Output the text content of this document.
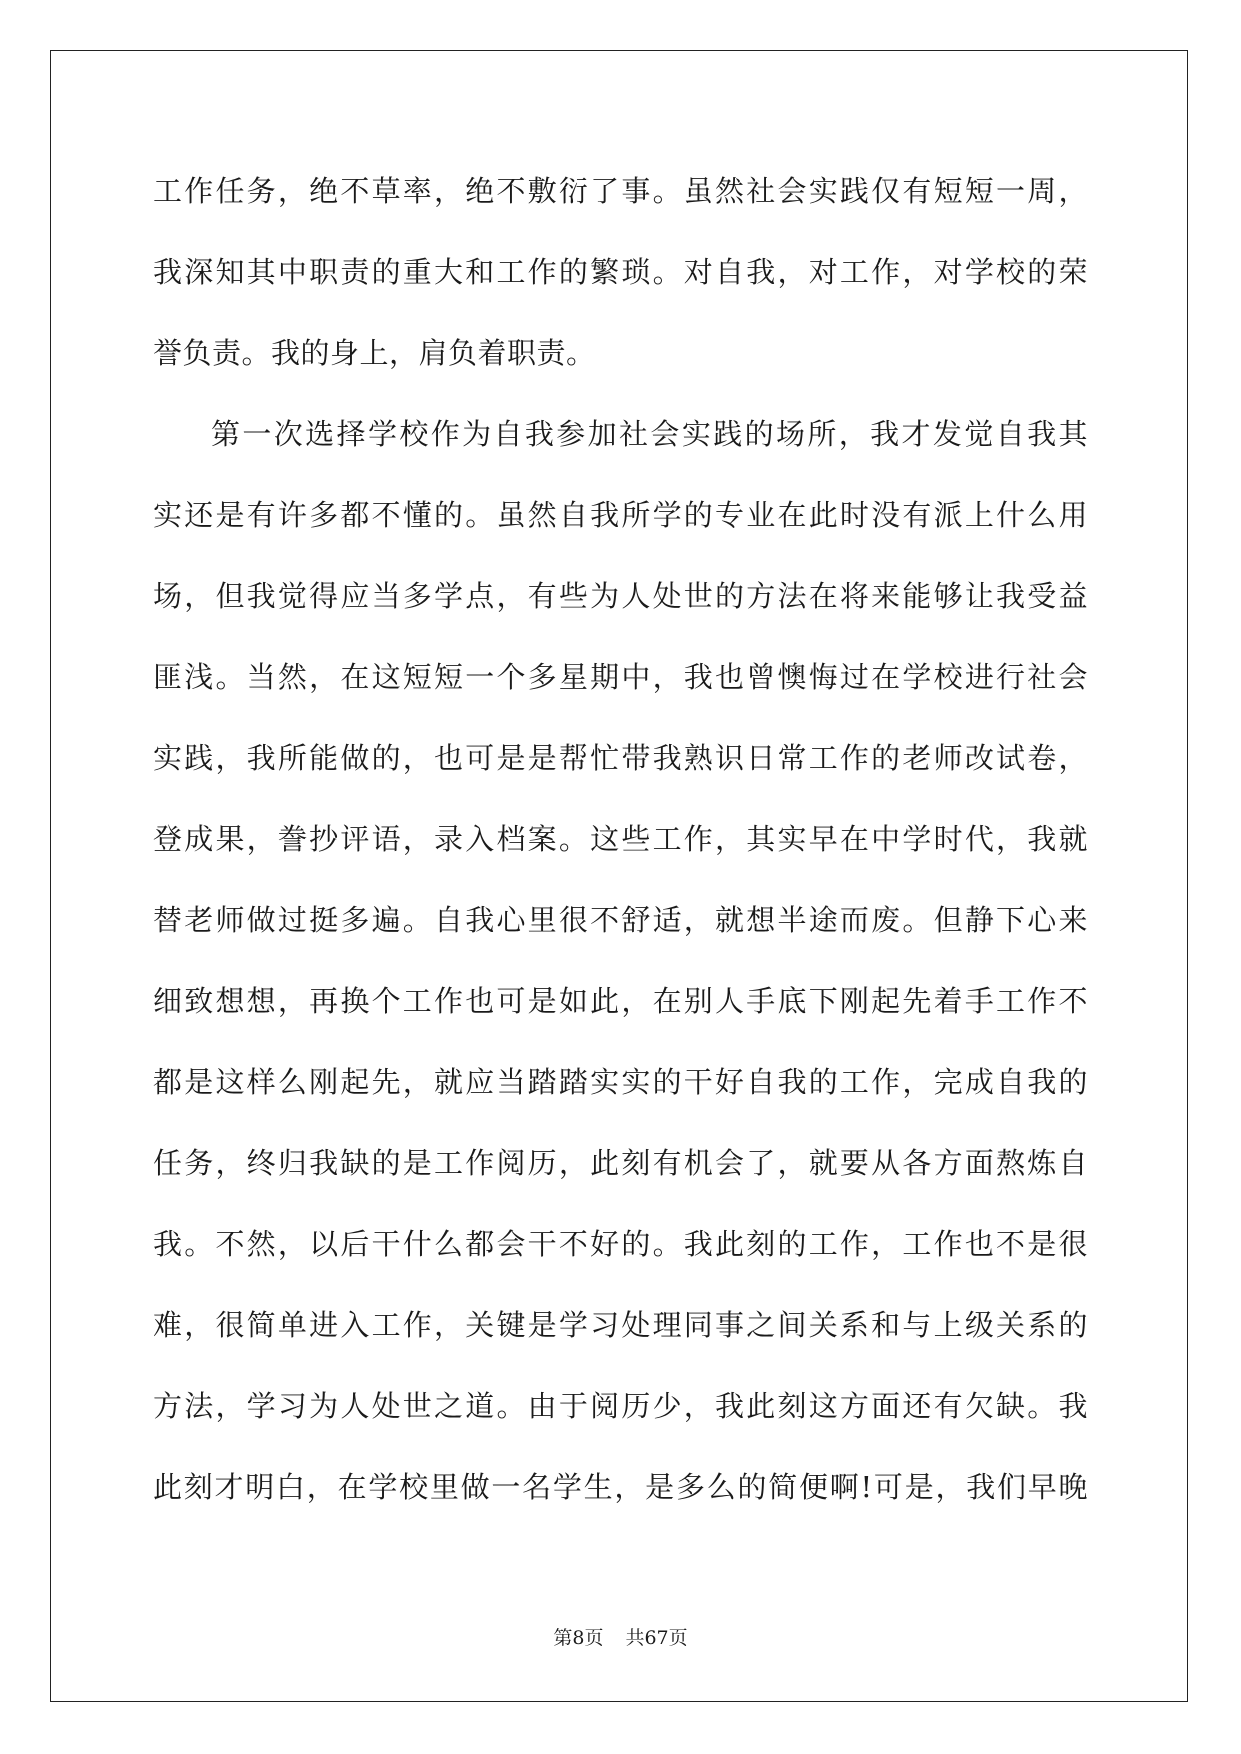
工作任务，绝不草率，绝不敷衍了事。虽然社会实践仅有短短一周，
我深知其中职责的重大和工作的繁琐。对自我，对工作，对学校的荣
誉负责。我的身上，肩负着职责。
第一次选择学校作为自我参加社会实践的场所，我才发觉自我其
实还是有许多都不懂的。虽然自我所学的专业在此时没有派上什么用
场，但我觉得应当多学点，有些为人处世的方法在将来能够让我受益
匪浅。当然，在这短短一个多星期中，我也曾懊悔过在学校进行社会
实践，我所能做的，也可是是帮忙带我熟识日常工作的老师改试卷，
登成果，誊抄评语，录入档案。这些工作，其实早在中学时代，我就
替老师做过挺多遍。自我心里很不舒适，就想半途而废。但静下心来
细致想想，再换个工作也可是如此，在别人手底下刚起先着手工作不
都是这样么刚起先，就应当踏踏实实的干好自我的工作，完成自我的
任务，终归我缺的是工作阅历，此刻有机会了，就要从各方面熬炼自
我。不然，以后干什么都会干不好的。我此刻的工作，工作也不是很
难，很简单进入工作，关键是学习处理同事之间关系和与上级关系的
方法，学习为人处世之道。由于阅历少，我此刻这方面还有欠缺。我
此刻才明白，在学校里做一名学生，是多么的简便啊!可是，我们早晚
第8页 共67页
